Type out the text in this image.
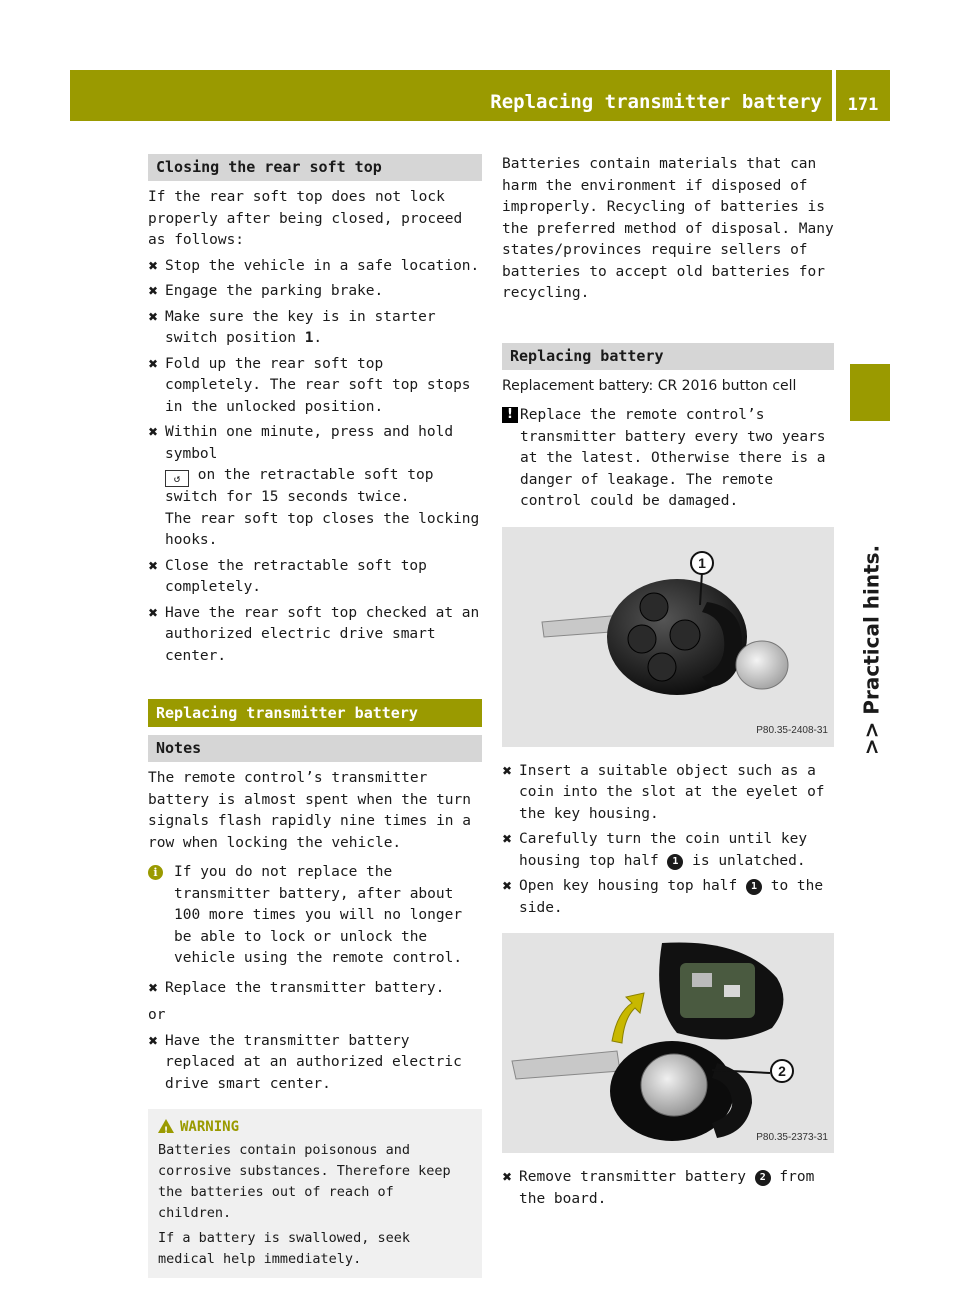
Replacing transmitter battery	171
>> Practical hints.
Closing the rear soft top

If the rear soft top does not lock properly after being closed, proceed as follows:

✖ Stop the vehicle in a safe location.
✖ Engage the parking brake.
✖ Make sure the key is in starter switch position 1.
✖ Fold up the rear soft top completely. The rear soft top stops in the unlocked position.
✖ Within one minute, press and hold symbol
↺ on the retractable soft top switch for 15 seconds twice.
The rear soft top closes the locking hooks.
✖ Close the retractable soft top completely.
✖ Have the rear soft top checked at an authorized electric drive smart center.
Replacing transmitter battery
Notes

The remote control’s transmitter battery is almost spent when the turn signals flash rapidly nine times in a row when locking the vehicle.

i	If you do not replace the transmitter battery, after about 100 more times you will no longer be able to lock or unlock the vehicle using the remote control.
✖ Replace the transmitter battery.

or

✖ Have the transmitter battery replaced at an authorized electric drive smart center.
!WARNING

Batteries contain poisonous and corrosive substances. Therefore keep the batteries out of reach of children.

If a battery is swallowed, seek medical help immediately.

Batteries contain materials that can harm the environment if disposed of improperly. Recycling of batteries is the preferred method of disposal. Many states/provinces require sellers of batteries to accept old batteries for recycling.

Replacing battery

Replacement battery: CR 2016 button cell

! Replace the remote control’s transmitter battery every two years at the latest. Otherwise there is a danger of leakage. The remote control could be damaged.
1
P80.35-2408-31
✖ Insert a suitable object such as a coin into the slot at the eyelet of the key housing.
✖ Carefully turn the coin until key housing top half 1 is unlatched.
✖ Open key housing top half 1 to the side.
2
P80.35-2373-31
✖ Remove transmitter battery 2 from the board.
